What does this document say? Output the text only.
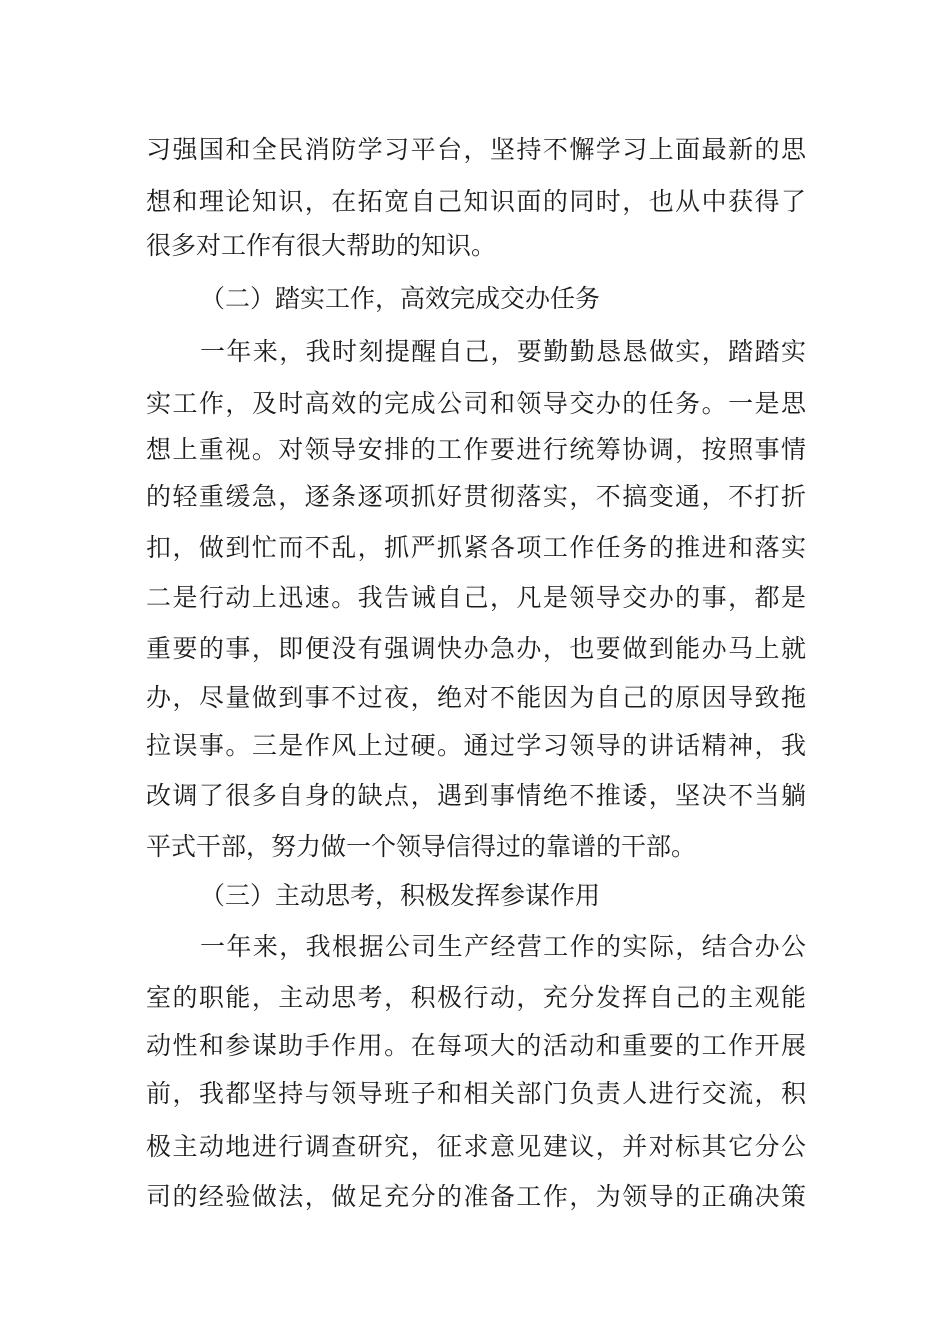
习强国和全民消防学习平台，坚持不懈学习上面最新的思
想和理论知识，在拓宽自己知识面的同时，也从中获得了
很多对工作有很大帮助的知识。
（二）踏实工作，高效完成交办任务
一年来，我时刻提醒自己，要勤勤恳恳做实，踏踏实
实工作，及时高效的完成公司和领导交办的任务。一是思
想上重视。对领导安排的工作要进行统筹协调，按照事情
的轻重缓急，逐条逐项抓好贯彻落实，不搞变通，不打折
扣，做到忙而不乱，抓严抓紧各项工作任务的推进和落实
二是行动上迅速。我告诫自己，凡是领导交办的事，都是
重要的事，即便没有强调快办急办，也要做到能办马上就
办，尽量做到事不过夜，绝对不能因为自己的原因导致拖
拉误事。三是作风上过硬。通过学习领导的讲话精神，我
改调了很多自身的缺点，遇到事情绝不推诿，坚决不当躺
平式干部，努力做一个领导信得过的靠谱的干部。
（三）主动思考，积极发挥参谋作用
一年来，我根据公司生产经营工作的实际，结合办公
室的职能，主动思考，积极行动，充分发挥自己的主观能
动性和参谋助手作用。在每项大的活动和重要的工作开展
前，我都坚持与领导班子和相关部门负责人进行交流，积
极主动地进行调查研究，征求意见建议，并对标其它分公
司的经验做法，做足充分的准备工作，为领导的正确决策
